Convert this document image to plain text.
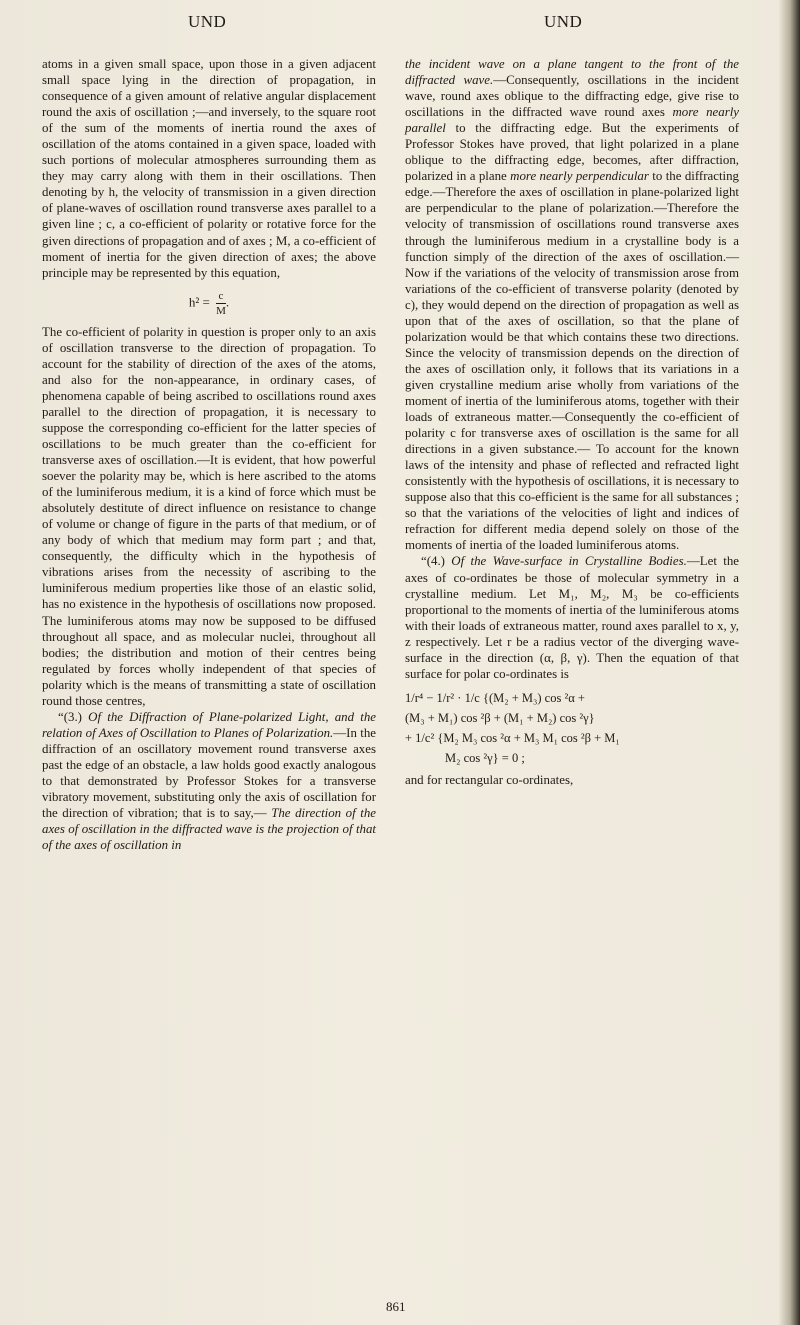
UND	UND

atoms in a given small space, upon those in a given adjacent small space lying in the direction of propagation, in consequence of a given amount of relative angular displacement round the axis of oscillation ;—and inversely, to the square root of the sum of the moments of inertia round the axes of oscillation of the atoms contained in a given space, loaded with such portions of molecular atmospheres surrounding them as they may carry along with them in their oscillations. Then denoting by h, the velocity of transmission in a given direction of plane-waves of oscillation round transverse axes parallel to a given line ; c, a co-efficient of polarity or rotative force for the given directions of propagation and of axes ; M, a co-efficient of moment of inertia for the given direction of axes; the above principle may be represented by this equation,

$h^2 = \frac{c}{M}$ .

The co-efficient of polarity in question is proper only to an axis of oscillation transverse to the direction of propagation. To account for the stability of direction of the axes of the atoms, and also for the non-appearance, in ordinary cases, of phenomena capable of being ascribed to oscillations round axes parallel to the direction of propagation, it is necessary to suppose the corresponding co-efficient for the latter species of oscillations to be much greater than the co-efficient for transverse axes of oscillation.—It is evident, that how powerful soever the polarity may be, which is here ascribed to the atoms of the luminiferous medium, it is a kind of force which must be absolutely destitute of direct influence on resistance to change of volume or change of figure in the parts of that medium, or of any body of which that medium may form part ; and that, consequently, the difficulty which in the hypothesis of vibrations arises from the necessity of ascribing to the luminiferous medium properties like those of an elastic solid, has no existence in the hypothesis of oscillations now proposed. The luminiferous atoms may now be supposed to be diffused throughout all space, and as molecular nuclei, throughout all bodies; the distribution and motion of their centres being regulated by forces wholly independent of that species of polarity which is the means of transmitting a state of oscillation round those centres,

“(3.) Of the Diffraction of Plane-polarized Light, and the relation of Axes of Oscillation to Planes of Polarization.—In the diffraction of an oscillatory movement round transverse axes past the edge of an obstacle, a law holds good exactly analogous to that demonstrated by Professor Stokes for a transverse vibratory movement, substituting only the axis of oscillation for the direction of vibration; that is to say,— The direction of the axes of oscillation in the diffracted wave is the projection of that of the axes of oscillation in

the incident wave on a plane tangent to the front of the diffracted wave.—Consequently, oscillations in the incident wave, round axes oblique to the diffracting edge, give rise to oscillations in the diffracted wave round axes more nearly parallel to the diffracting edge. But the experiments of Professor Stokes have proved, that light polarized in a plane oblique to the diffracting edge, becomes, after diffraction, polarized in a plane more nearly perpendicular to the diffracting edge.—Therefore the axes of oscillation in plane-polarized light are perpendicular to the plane of polarization.—Therefore the velocity of transmission of oscillations round transverse axes through the luminiferous medium in a crystalline body is a function simply of the direction of the axes of oscillation.—Now if the variations of the velocity of transmission arose from variations of the co-efficient of transverse polarity (denoted by c), they would depend on the direction of propagation as well as upon that of the axes of oscillation, so that the plane of polarization would be that which contains these two directions. Since the velocity of transmission depends on the direction of the axes of oscillation only, it follows that its variations in a given crystalline medium arise wholly from variations of the moment of inertia of the luminiferous atoms, together with their loads of extraneous matter.—Consequently the co-efficient of polarity c for transverse axes of oscillation is the same for all directions in a given substance.— To account for the known laws of the intensity and phase of reflected and refracted light consistently with the hypothesis of oscillations, it is necessary to suppose also that this co-efficient is the same for all substances ; so that the variations of the velocities of light and indices of refraction for different media depend solely on those of the moments of inertia of the loaded luminiferous atoms.

“(4.) Of the Wave-surface in Crystalline Bodies.—Let the axes of co-ordinates be those of molecular symmetry in a crystalline medium. Let M₁, M₂, M₃ be co-efficients proportional to the moments of inertia of the luminiferous atoms with their loads of extraneous matter, round axes parallel to x, y, z respectively. Let r be a radius vector of the diverging wave-surface in the direction (α, β, γ). Then the equation of that surface for polar co-ordinates is

1/r⁴ − 1/r² · 1/c {(M₂ + M₃) cos ²α +
(M₃ + M₁) cos ²β + (M₁ + M₂) cos ²γ}
+ 1/c² {M₂ M₃ cos ²α + M₃ M₁ cos ²β + M₁
M₂ cos ²γ} = 0 ;

and for rectangular co-ordinates,

861
